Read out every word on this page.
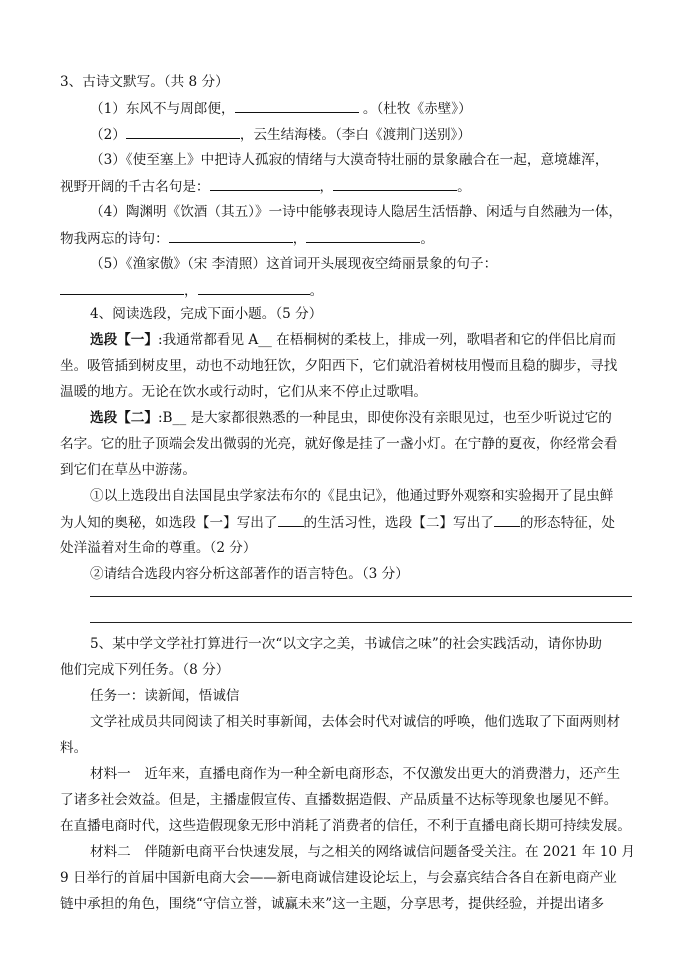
3、古诗文默写。（共 8 分）
（1）东风不与周郎便，	。（杜牧《赤壁》）
（2）	，云生结海楼。（李白《渡荆门送别》）
（3）《使至塞上》中把诗人孤寂的情绪与大漠奇特壮丽的景象融合在一起，意境雄浑，
视野开阔的千古名句是：	，	。
（4）陶渊明《饮酒（其五）》一诗中能够表现诗人隐居生活悟静、闲适与自然融为一体，
物我两忘的诗句：	，	。
（5）《渔家傲》（宋 李清照）这首词开头展现夜空绮丽景象的句子：
，	。
4、阅读选段，完成下面小题。（5 分）
选段【一】:我通常都看见 A__ 在梧桐树的柔枝上，排成一列，歌唱者和它的伴侣比肩而
坐。吸管插到树皮里，动也不动地狂饮，夕阳西下，它们就沿着树枝用慢而且稳的脚步，寻找
温暖的地方。无论在饮水或行动时，它们从来不停止过歌唱。
选段【二】:B__ 是大家都很熟悉的一种昆虫，即使你没有亲眼见过，也至少听说过它的
名字。它的肚子顶端会发出微弱的光亮，就好像是挂了一盏小灯。在宁静的夏夜，你经常会看
到它们在草丛中游荡。
①以上选段出自法国昆虫学家法布尔的《昆虫记》，他通过野外观察和实验揭开了昆虫鲜
为人知的奥秘，如选段【一】写出了 的生活习性，选段【二】写出了 的形态特征，处
处洋溢着对生命的尊重。（2 分）
②请结合选段内容分析这部著作的语言特色。（3 分）
5、某中学文学社打算进行一次“以文字之美，书诚信之味”的社会实践活动，请你协助
他们完成下列任务。（8 分）
任务一：读新闻，悟诚信
文学社成员共同阅读了相关时事新闻，去体会时代对诚信的呼唤，他们选取了下面两则材
料。
材料一　近年来，直播电商作为一种全新电商形态，不仅激发出更大的消费潜力，还产生
了诸多社会效益。但是，主播虚假宣传、直播数据造假、产品质量不达标等现象也屡见不鲜。
在直播电商时代，这些造假现象无形中消耗了消费者的信任，不利于直播电商长期可持续发展。
材料二　伴随新电商平台快速发展，与之相关的网络诚信问题备受关注。在 2021 年 10 月
9 日举行的首届中国新电商大会——新电商诚信建设论坛上，与会嘉宾结合各自在新电商产业
链中承担的角色，围绕“守信立誉，诚赢未来”这一主题，分享思考，提供经验，并提出诸多
